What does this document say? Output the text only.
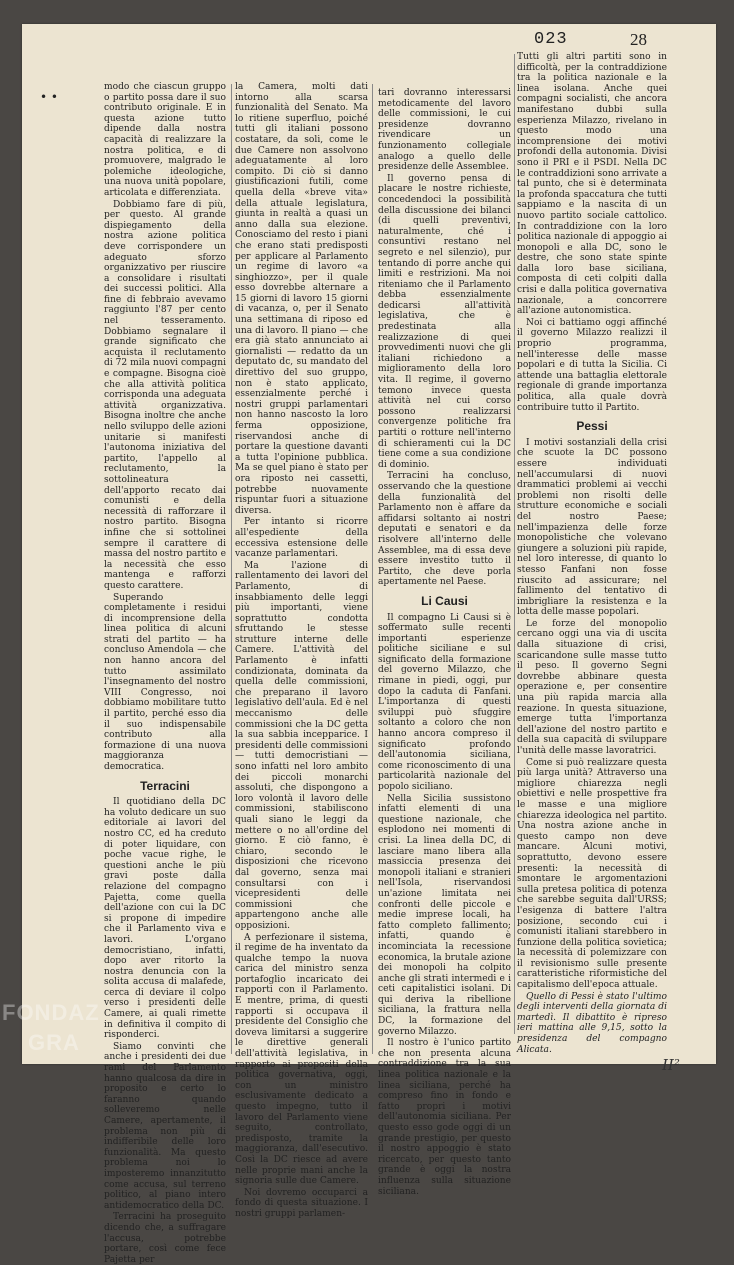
023	28
• •

modo che ciascun gruppo o partito possa dare il suo contributo originale. E in questa azione tutto dipende dalla nostra capacità di realizzare la nostra politica, e di promuovere, malgrado le polemiche ideologiche, una nuova unità popolare, articolata e differenziata.

Dobbiamo fare di più, per questo. Al grande dispiegamento della nostra azione politica deve corrispondere un adeguato sforzo organizzativo per riuscire a consolidare i risultati dei successi politici. Alla fine di febbraio avevamo raggiunto l'87 per cento nel tesseramento. Dobbiamo segnalare il grande significato che acquista il reclutamento di 72 mila nuovi compagni e compagne. Bisogna cioè che alla attività politica corrisponda una adeguata attività organizzativa. Bisogna inoltre che anche nello sviluppo delle azioni unitarie si manifesti l'autonoma iniziativa del partito, l'appello al reclutamento, la sottolineatura dell'apporto recato dai comunisti e della necessità di rafforzare il nostro partito. Bisogna infine che si sottolinei sempre il carattere di massa del nostro partito e la necessità che esso mantenga e rafforzi questo carattere.

Superando completamente i residui di incomprensione della linea politica di alcuni strati del partito — ha concluso Amendola — che non hanno ancora del tutto assimilato l'insegnamento del nostro VIII Congresso, noi dobbiamo mobilitare tutto il partito, perché esso dia il suo indispensabile contributo alla formazione di una nuova maggioranza democratica.

Terracini

Il quotidiano della DC ha voluto dedicare un suo editoriale ai lavori del nostro CC, ed ha creduto di poter liquidare, con poche vacue righe, le questioni anche le più gravi poste dalla relazione del compagno Pajetta, come quella dell'azione con cui la DC si propone di impedire che il Parlamento viva e lavori. L'organo democristiano, infatti, dopo aver ritorto la nostra denuncia con la solita accusa di malafede, cerca di deviare il colpo verso i presidenti delle Camere, ai quali rimette in definitiva il compito di risponderci.

Siamo convinti che anche i presidenti dei due rami del Parlamento hanno qualcosa da dire in proposito e certo lo faranno quando solleveremo nelle Camere, apertamente, il problema non più di indifferibile delle loro funzionalità. Ma questo problema noi lo imposteremo innanzitutto come accusa, sul terreno politico, al piano intero antidemocratico della DC.

Terracini ha proseguito dicendo che, a suffragare l'accusa, potrebbe portare, così come fece Pajetta per

la Camera, molti dati intorno alla scarsa funzionalità del Senato. Ma lo ritiene superfluo, poiché tutti gli italiani possono costatare, da soli, come le due Camere non assolvono adeguatamente al loro compito. Di ciò si danno giustificazioni futili, come quella della «breve vita» della attuale legislatura, giunta in realtà a quasi un anno dalla sua elezione. Conosciamo del resto i piani che erano stati predisposti per applicare al Parlamento un regime di lavoro «a singhiozzo», per il quale esso dovrebbe alternare a 15 giorni di lavoro 15 giorni di vacanza, o, per il Senato una settimana di riposo ed una di lavoro. Il piano — che era già stato annunciato ai giornalisti — redatto da un deputato dc, su mandato del direttivo del suo gruppo, non è stato applicato, essenzialmente perché i nostri gruppi parlamentari non hanno nascosto la loro ferma opposizione, riservandosi anche di portare la questione davanti a tutta l'opinione pubblica. Ma se quel piano è stato per ora riposto nei cassetti, potrebbe nuovamente rispuntar fuori a situazione diversa.

Per intanto si ricorre all'espediente della eccessiva estensione delle vacanze parlamentari.

Ma l'azione di rallentamento dei lavori del Parlamento, di insabbiamento delle leggi più importanti, viene soprattutto condotta sfruttando le stesse strutture interne delle Camere. L'attività del Parlamento è infatti condizionata, dominata da quella delle commissioni, che preparano il lavoro legislativo dell'aula. Ed è nel meccanismo delle commissioni che la DC getta la sua sabbia incepparice. I presidenti delle commissioni — tutti democristiani — sono infatti nel loro ambito dei piccoli monarchi assoluti, che dispongono a loro volontà il lavoro delle commissioni, stabiliscono quali siano le leggi da mettere o no all'ordine del giorno. E ciò fanno, è chiaro, secondo le disposizioni che ricevono dal governo, senza mai consultarsi con i vicepresidenti delle commissioni che appartengono anche alle opposizioni.

A perfezionare il sistema, il regime de ha inventato da qualche tempo la nuova carica del ministro senza portafoglio incaricato dei rapporti con il Parlamento. E mentre, prima, di questi rapporti si occupava il presidente del Consiglio che doveva limitarsi a suggerire le direttive generali dell'attività legislativa, in rapporto ai propositi della politica governativa, oggi, con un ministro esclusivamente dedicato a questo impegno, tutto il lavoro del Parlamento viene seguito, controllato, predisposto, tramite la maggioranza, dall'esecutivo. Così la DC riesce ad avere nelle proprie mani anche la signoria sulle due Camere.

Noi dovremo occuparci a fondo di questa situazione. I nostri gruppi parlamen-

tari dovranno interessarsi metodicamente del lavoro delle commissioni, le cui presidenze dovranno rivendicare un funzionamento collegiale analogo a quello delle presidenze delle Assemblee.

Il governo pensa di placare le nostre richieste, concedendoci la possibilità della discussione dei bilanci (di quelli preventivi, naturalmente, ché i consuntivi restano nel segreto e nel silenzio), pur tentando di porre anche qui limiti e restrizioni. Ma noi riteniamo che il Parlamento debba essenzialmente dedicarsi all'attività legislativa, che è predestinata alla realizzazione di quei provvedimenti nuovi che gli italiani richiedono a miglioramento della loro vita. Il regime, il governo temono invece questa attività nel cui corso possono realizzarsi convergenze politiche fra partiti o rotture nell'interno di schieramenti cui la DC tiene come a sua condizione di dominio.

Terracini ha concluso, osservando che la questione della funzionalità del Parlamento non è affare da affidarsi soltanto ai nostri deputati e senatori e da risolvere all'interno delle Assemblee, ma di essa deve essere investito tutto il Partito, che deve porla apertamente nel Paese.

Li Causi

Il compagno Li Causi si è soffermato sulle recenti importanti esperienze politiche siciliane e sul significato della formazione del governo Milazzo, che rimane in piedi, oggi, pur dopo la caduta di Fanfani. L'importanza di questi sviluppi può sfuggire soltanto a coloro che non hanno ancora compreso il significato profondo dell'autonomia siciliana, come riconoscimento di una particolarità nazionale del popolo siciliano.

Nella Sicilia sussistono infatti elementi di una questione nazionale, che esplodono nei momenti di crisi. La linea della DC, di lasciare mano libera alla massiccia presenza dei monopoli italiani e stranieri nell'Isola, riservandosi un'azione limitata nei confronti delle piccole e medie imprese locali, ha fatto completo fallimento; infatti, quando è incominciata la recessione economica, la brutale azione dei monopoli ha colpito anche gli strati intermedi e i ceti capitalistici isolani. Di qui deriva la ribellione siciliana, la frattura nella DC, la formazione del governo Milazzo.

Il nostro è l'unico partito che non presenta alcuna contraddizione tra la sua linea politica nazionale e la linea siciliana, perché ha compreso fino in fondo e fatto propri i motivi dell'autonomia siciliana. Per questo esso gode oggi di un grande prestigio, per questo il nostro appoggio è stato ricercato, per questo tanto grande è oggi la nostra influenza sulla situazione siciliana.

Tutti gli altri partiti sono in difficoltà, per la contraddizione tra la politica nazionale e la linea isolana. Anche quei compagni socialisti, che ancora manifestano dubbi sulla esperienza Milazzo, rivelano in questo modo una incomprensione dei motivi profondi della autonomia. Divisi sono il PRI e il PSDI. Nella DC le contraddizioni sono arrivate a tal punto, che si è determinata la profonda spaccatura che tutti sappiamo e la nascita di un nuovo partito sociale cattolico. In contraddizione con la loro politica nazionale di appoggio ai monopoli e alla DC, sono le destre, che sono state spinte dalla loro base siciliana, composta di ceti colpiti dalla crisi e dalla politica governativa nazionale, a concorrere all'azione autonomistica.

Noi ci battiamo oggi affinché il governo Milazzo realizzi il proprio programma, nell'interesse delle masse popolari e di tutta la Sicilia. Ci attende una battaglia elettorale regionale di grande importanza politica, alla quale dovrà contribuire tutto il Partito.

Pessi

I motivi sostanziali della crisi che scuote la DC possono essere individuati nell'accumularsi di nuovi drammatici problemi ai vecchi problemi non risolti delle strutture economiche e sociali del nostro Paese; nell'impazienza delle forze monopolistiche che volevano giungere a soluzioni più rapide, nel loro interesse, di quanto lo stesso Fanfani non fosse riuscito ad assicurare; nel fallimento del tentativo di imbrigliare la resistenza e la lotta delle masse popolari.

Le forze del monopolio cercano oggi una via di uscita dalla situazione di crisi, scaricandone sulle masse tutto il peso. Il governo Segni dovrebbe abbinare questa operazione e, per consentire una più rapida marcia alla reazione. In questa situazione, emerge tutta l'importanza dell'azione del nostro partito e della sua capacità di sviluppare l'unità delle masse lavoratrici.

Come si può realizzare questa più larga unità? Attraverso una migliore chiarezza negli obiettivi e nelle prospettive fra le masse e una migliore chiarezza ideologica nel partito. Una nostra azione anche in questo campo non deve mancare. Alcuni motivi, soprattutto, devono essere presenti: la necessità di smontare le argomentazioni sulla pretesa politica di potenza che sarebbe seguita dall'URSS; l'esigenza di battere l'altra posizione, secondo cui i comunisti italiani starebbero in funzione della politica sovietica; la necessità di polemizzare con il revisionismo sulle presente caratteristiche riformistiche del capitalismo dell'epoca attuale.

Quello di Pessi è stato l'ultimo degli interventi della giornata di martedì. Il dibattito è ripreso ieri mattina alle 9,15, sotto la presidenza del compagno Alicata.

II²
FONDAZ
GRA
